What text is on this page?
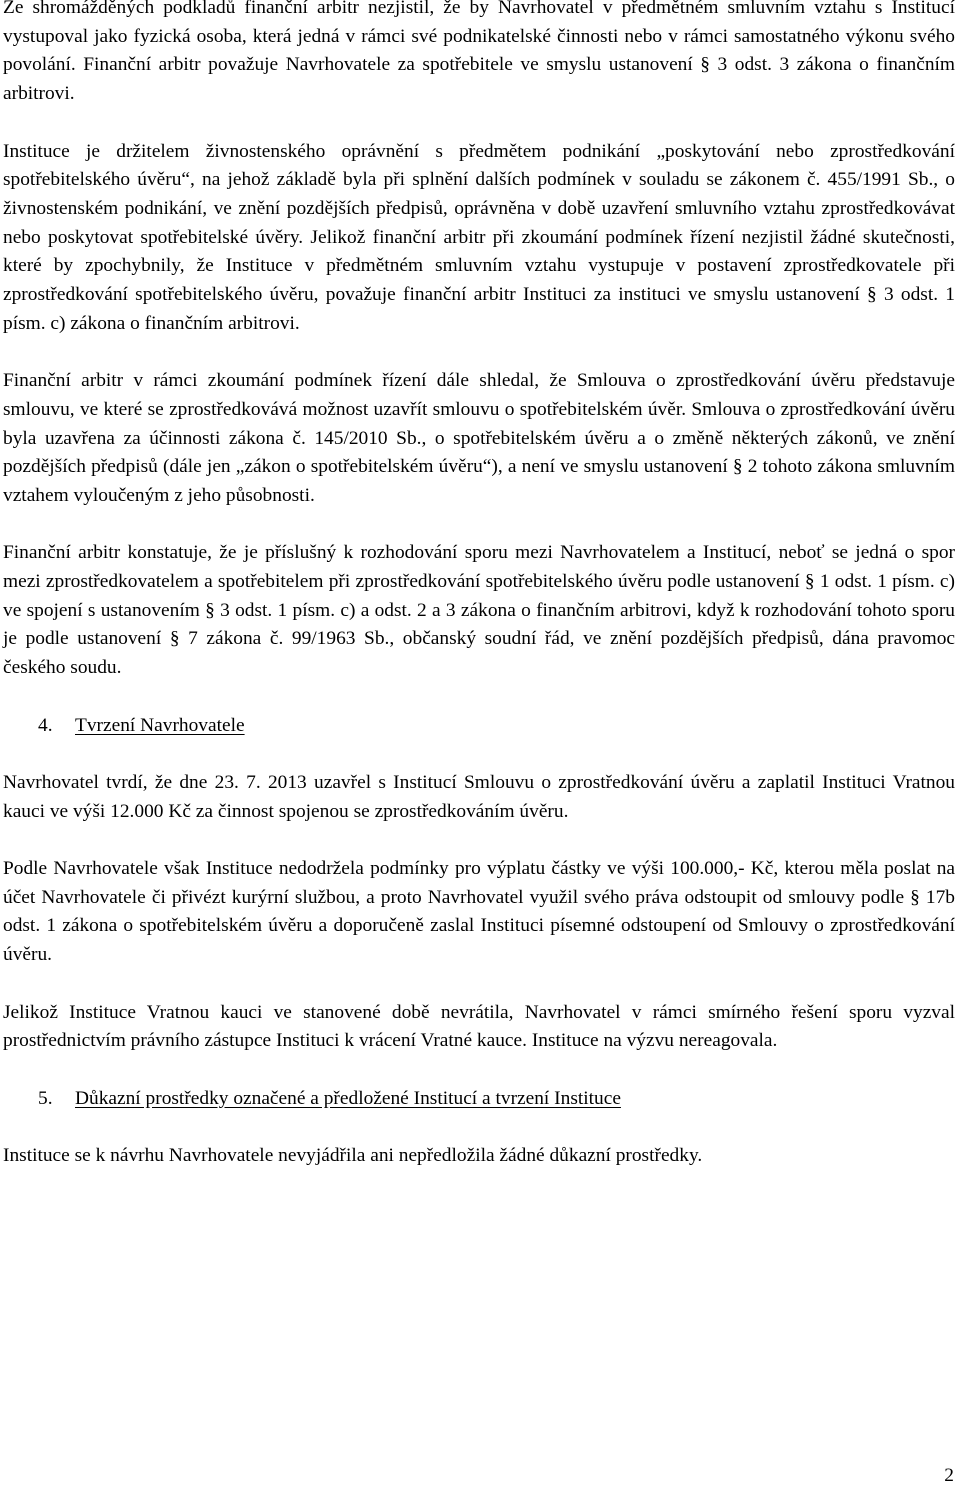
Ze shromážděných podkladů finanční arbitr nezjistil, že by Navrhovatel v předmětném smluvním vztahu s Institucí vystupoval jako fyzická osoba, která jedná v rámci své podnikatelské činnosti nebo v rámci samostatného výkonu svého povolání. Finanční arbitr považuje Navrhovatele za spotřebitele ve smyslu ustanovení § 3 odst. 3 zákona o finančním arbitrovi.

Instituce je držitelem živnostenského oprávnění s předmětem podnikání „poskytování nebo zprostředkování spotřebitelského úvěru“, na jehož základě byla při splnění dalších podmínek v souladu se zákonem č. 455/1991 Sb., o živnostenském podnikání, ve znění pozdějších předpisů, oprávněna v době uzavření smluvního vztahu zprostředkovávat nebo poskytovat spotřebitelské úvěry. Jelikož finanční arbitr při zkoumání podmínek řízení nezjistil žádné skutečnosti, které by zpochybnily, že Instituce v předmětném smluvním vztahu vystupuje v postavení zprostředkovatele při zprostředkování spotřebitelského úvěru, považuje finanční arbitr Instituci za instituci ve smyslu ustanovení § 3 odst. 1 písm. c) zákona o finančním arbitrovi.

Finanční arbitr v rámci zkoumání podmínek řízení dále shledal, že Smlouva o zprostředkování úvěru představuje smlouvu, ve které se zprostředkovává možnost uzavřít smlouvu o spotřebitelském úvěr. Smlouva o zprostředkování úvěru byla uzavřena za účinnosti zákona č. 145/2010 Sb., o spotřebitelském úvěru a o změně některých zákonů, ve znění pozdějších předpisů (dále jen „zákon o spotřebitelském úvěru“), a není ve smyslu ustanovení § 2 tohoto zákona smluvním vztahem vyloučeným z jeho působnosti.

Finanční arbitr konstatuje, že je příslušný k rozhodování sporu mezi Navrhovatelem a Institucí, neboť se jedná o spor mezi zprostředkovatelem a spotřebitelem při zprostředkování spotřebitelského úvěru podle ustanovení § 1 odst. 1 písm. c) ve spojení s ustanovením § 3 odst. 1 písm. c) a odst. 2 a 3 zákona o finančním arbitrovi, když k rozhodování tohoto sporu je podle ustanovení § 7 zákona č. 99/1963 Sb., občanský soudní řád, ve znění pozdějších předpisů, dána pravomoc českého soudu.

4. Tvrzení Navrhovatele

Navrhovatel tvrdí, že dne 23. 7. 2013 uzavřel s Institucí Smlouvu o zprostředkování úvěru a zaplatil Instituci Vratnou kauci ve výši 12.000 Kč za činnost spojenou se zprostředkováním úvěru.

Podle Navrhovatele však Instituce nedodržela podmínky pro výplatu částky ve výši 100.000,- Kč, kterou měla poslat na účet Navrhovatele či přivézt kurýrní službou, a proto Navrhovatel využil svého práva odstoupit od smlouvy podle § 17b odst. 1 zákona o spotřebitelském úvěru a doporučeně zaslal Instituci písemné odstoupení od Smlouvy o zprostředkování úvěru.

Jelikož Instituce Vratnou kauci ve stanovené době nevrátila, Navrhovatel v rámci smírného řešení sporu vyzval prostřednictvím právního zástupce Instituci k vrácení Vratné kauce. Instituce na výzvu nereagovala.

5. Důkazní prostředky označené a předložené Institucí a tvrzení Instituce

Instituce se k návrhu Navrhovatele nevyjádřila ani nepředložila žádné důkazní prostředky.

2
